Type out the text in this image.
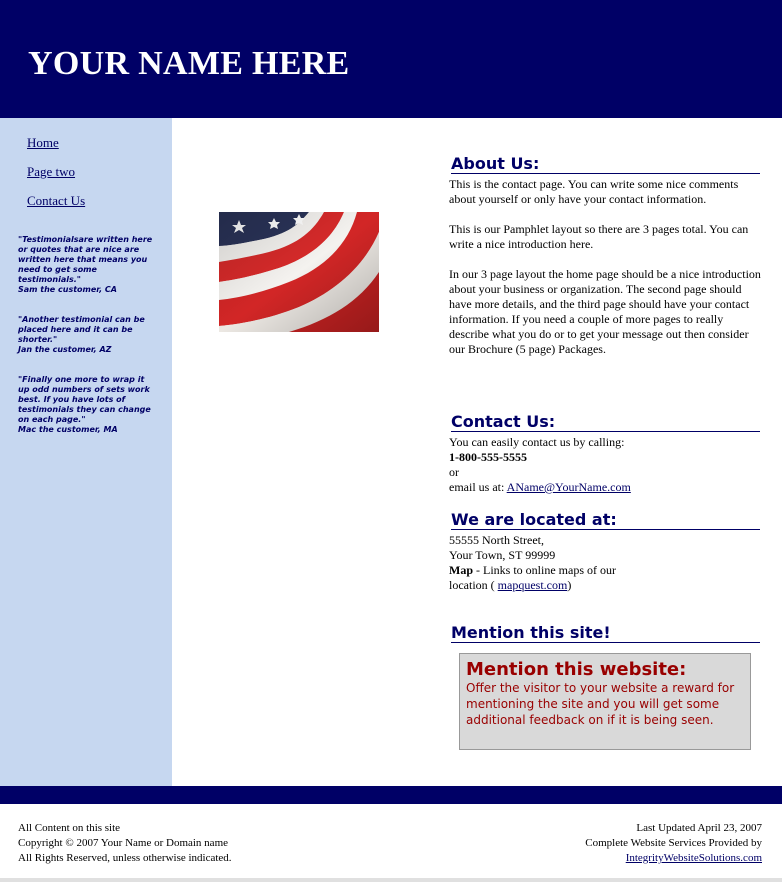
YOUR NAME HERE
Home
Page two
Contact Us
"Testimonialsare written here or quotes that are nice are written here that means you need to get some testimonials."
Sam the customer, CA
"Another testimonial can be placed here and it can be shorter."
Jan the customer, AZ
"Finally one more to wrap it up odd numbers of sets work best. If you have lots of testimonials they can change on each page."
Mac the customer, MA
About Us:

This is the contact page. You can write some nice comments about yourself or only have your contact information.

This is our Pamphlet layout so there are 3 pages total. You can write a nice introduction here.

In our 3 page layout the home page should be a nice introduction about your business or organization. The second page should have more details, and the third page should have your contact information. If you need a couple of more pages to really describe what you do or to get your message out then consider our Brochure (5 page) Packages.

Contact Us:

You can easily contact us by calling:

1-800-555-5555

or

email us at: AName@YourName.com

We are located at:

55555 North Street,

Your Town, ST 99999

Map - Links to online maps of our location ( mapquest.com)

Mention this site!

Mention this website:

Offer the visitor to your website a reward for mentioning the site and you will get some additional feedback on if it is being seen.

All Content on this site
Copyright © 2007 Your Name or Domain name
All Rights Reserved, unless otherwise indicated.
Last Updated April 23, 2007
Complete Website Services Provided by
IntegrityWebsiteSolutions.com
